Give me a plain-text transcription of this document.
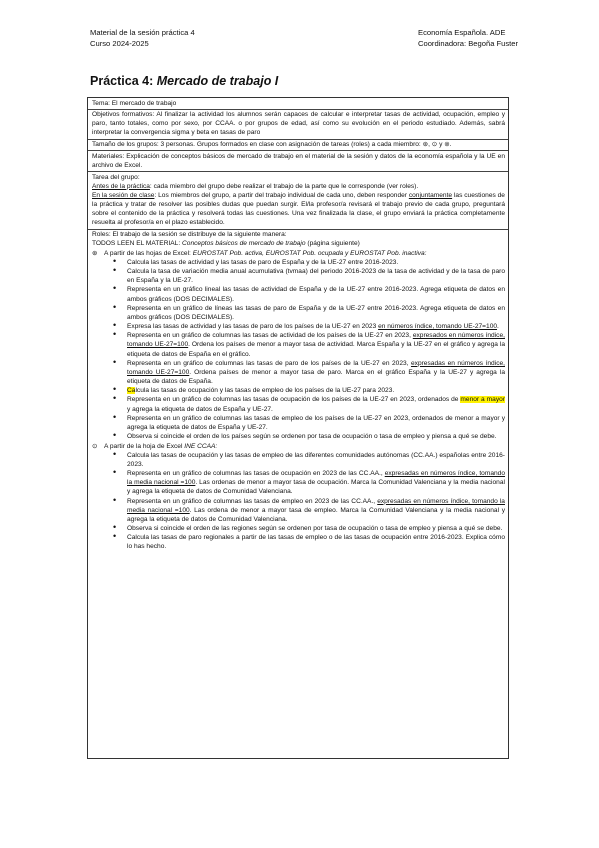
Material de la sesión práctica 4
Curso 2024-2025
Economía Española. ADE
Coordinadora: Begoña Fuster
Práctica 4: Mercado de trabajo I
Tema: El mercado de trabajo
Objetivos formativos: Al finalizar la actividad los alumnos serán capaces de calcular e interpretar tasas de actividad, ocupación, empleo y paro, tanto totales, como por sexo, por CCAA. o por grupos de edad, así como su evolución en el periodo estudiado. Además, sabrá interpretar la convergencia sigma y beta en tasas de paro
Tamaño de los grupos: 3 personas. Grupos formados en clase con asignación de tareas (roles) a cada miembro: ⊛, ⊙ y ⊚.
Materiales: Explicación de conceptos básicos de mercado de trabajo en el material de la sesión y datos de la economía española y la UE en archivo de Excel.
Tarea del grupo:
Antes de la práctica: cada miembro del grupo debe realizar el trabajo de la parte que le corresponde (ver roles).
En la sesión de clase: Los miembros del grupo, a partir del trabajo individual de cada uno, deben responder conjuntamente las cuestiones de la práctica y tratar de resolver las posibles dudas que puedan surgir. El/la profesor/a revisará el trabajo previo de cada grupo, preguntará sobre el contenido de la práctica y resolverá todas las cuestiones. Una vez finalizada la clase, el grupo enviará la práctica completamente resuelta al profesor/a en el plazo establecido.
Roles: El trabajo de la sesión se distribuye de la siguiente manera:
TODOS LEEN EL MATERIAL: Conceptos básicos de mercado de trabajo (página siguiente)
⊛ A partir de las hojas de Excel: EUROSTAT Pob. activa, EUROSTAT Pob. ocupada y EUROSTAT Pob. inactiva:
• Calcula las tasas de actividad y las tasas de paro de España y de la UE-27 entre 2016-2023.
• Calcula la tasa de variación media anual acumulativa (tvmaa) del periodo 2016-2023 de la tasa de actividad y de la tasa de paro en España y la UE-27.
• Representa en un gráfico lineal las tasas de actividad de España y de la UE-27 entre 2016-2023. Agrega etiqueta de datos en ambos gráficos (DOS DECIMALES).
• Representa en un gráfico de líneas las tasas de paro de España y de la UE-27 entre 2016-2023. Agrega etiqueta de datos en ambos gráficos (DOS DECIMALES).
• Expresa las tasas de actividad y las tasas de paro de los países de la UE-27 en 2023 en números índice, tomando UE-27=100.
• Representa en un gráfico de columnas las tasas de actividad de los países de la UE-27 en 2023, expresados en números índice, tomando UE-27=100. Ordena los países de menor a mayor tasa de actividad. Marca España y la UE-27 en el gráfico y agrega la etiqueta de datos de España en el gráfico.
• Representa en un gráfico de columnas las tasas de paro de los países de la UE-27 en 2023, expresadas en números índice, tomando UE-27=100. Ordena países de menor a mayor tasa de paro. Marca en el gráfico España y la UE-27 y agrega la etiqueta de datos de España.
• Calcula las tasas de ocupación y las tasas de empleo de los países de la UE-27 para 2023.
• Representa en un gráfico de columnas las tasas de ocupación de los países de la UE-27 en 2023, ordenados de menor a mayor y agrega la etiqueta de datos de España y UE-27.
• Representa en un gráfico de columnas las tasas de empleo de los países de la UE-27 en 2023, ordenados de menor a mayor y agrega la etiqueta de datos de España y UE-27.
• Observa si coincide el orden de los países según se ordenen por tasa de ocupación o tasa de empleo y piensa a qué se debe.
⊙ A partir de la hoja de Excel INE CCAA:
• Calcula las tasas de ocupación y las tasas de empleo de las diferentes comunidades autónomas (CC.AA.) españolas entre 2016-2023.
• Representa en un gráfico de columnas las tasas de ocupación en 2023 de las CC.AA., expresadas en números índice, tomando la media nacional =100. Las ordenas de menor a mayor tasa de ocupación. Marca la Comunidad Valenciana y la media nacional y agrega la etiqueta de datos de Comunidad Valenciana.
• Representa en un gráfico de columnas las tasas de empleo en 2023 de las CC.AA., expresadas en números índice, tomando la media nacional =100. Las ordena de menor a mayor tasa de empleo. Marca la Comunidad Valenciana y la media nacional y agrega la etiqueta de datos de Comunidad Valenciana.
• Observa si coincide el orden de las regiones según se ordenen por tasa de ocupación o tasa de empleo y piensa a qué se debe.
• Calcula las tasas de paro regionales a partir de las tasas de empleo o de las tasas de ocupación entre 2016-2023. Explica cómo lo has hecho.
